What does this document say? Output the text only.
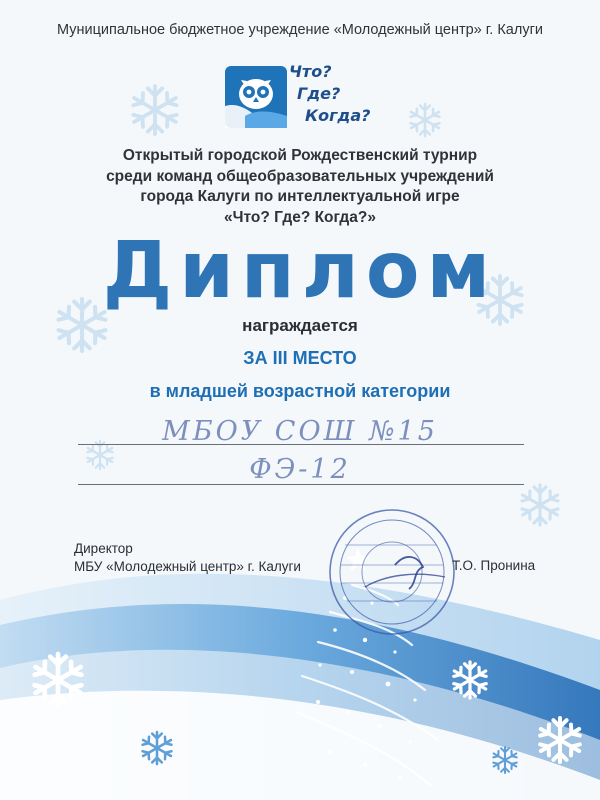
Муниципальное бюджетное учреждение «Молодежный центр» г. Калуги
Что?
Где?
Когда?
Открытый городской Рождественский турнир
среди команд общеобразовательных учреждений
города Калуги по интеллектуальной игре
«Что? Где? Когда?»
Диплом
награждается
ЗА III МЕСТО
в младшей возрастной категории
МБОУ СОШ №15
ФЭ-12
Директор
МБУ «Молодежный центр» г. Калуги	Т.О. Пронина
